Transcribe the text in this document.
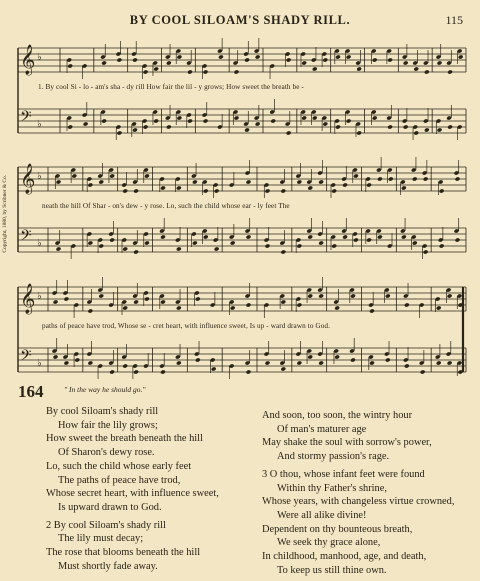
BY COOL SILOAM'S SHADY RILL.	115
𝄞 ♭
𝄢 ♭
𝄞 ♭
𝄢 ♭
𝄞 ♭
𝄢 ♭
1. By cool Si - lo - am's sha - dy rill How fair the lil - y grows; How sweet the breath be -
neath the hill Of Shar - on's dew - y rose. Lo, such the child whose ear - ly feet The
paths of peace have trod, Whose se - cret heart, with influence sweet, Is up - ward drawn to God.
Copyright, 1880, by Scribner & Co.
164	" In the way he should go."
By cool Siloam's shady rill
How fair the lily grows;
How sweet the breath beneath the hill
Of Sharon's dewy rose.
Lo, such the child whose early feet
The paths of peace have trod,
Whose secret heart, with influence sweet,
Is upward drawn to God.
2 By cool Siloam's shady rill
The lily must decay;
The rose that blooms beneath the hill
Must shortly fade away.
And soon, too soon, the wintry hour
Of man's maturer age
May shake the soul with sorrow's power,
And stormy passion's rage.
3 O thou, whose infant feet were found
Within thy Father's shrine,
Whose years, with changeless virtue crowned,
Were all alike divine!
Dependent on thy bounteous breath,
We seek thy grace alone,
In childhood, manhood, age, and death,
To keep us still thine own.
